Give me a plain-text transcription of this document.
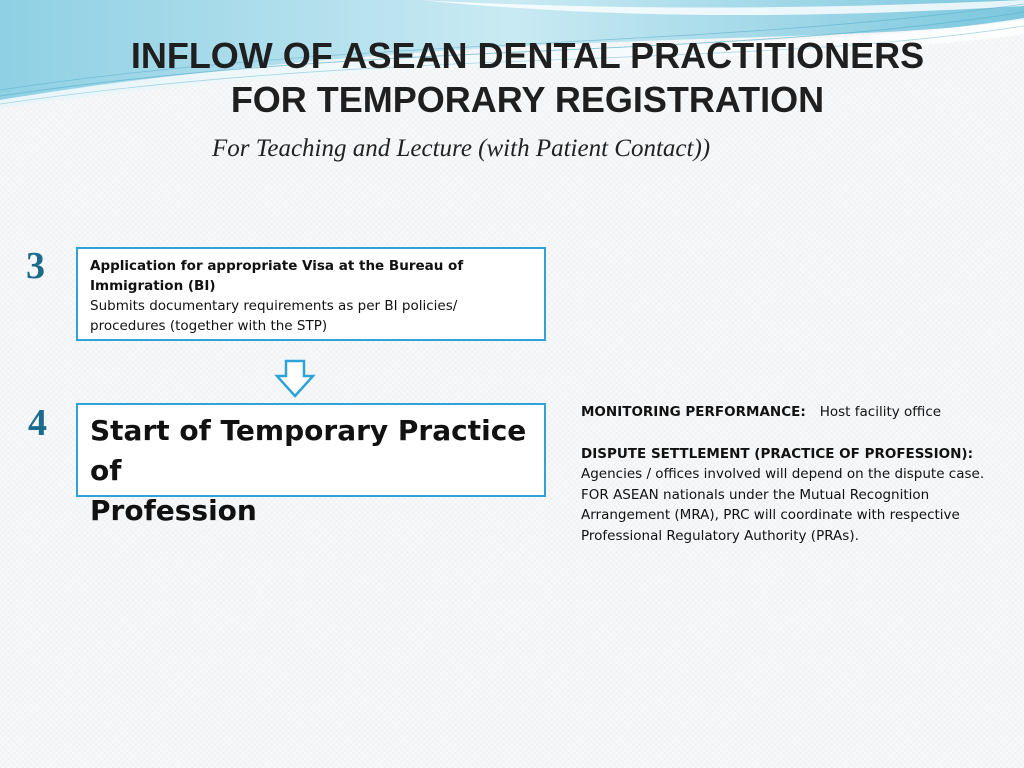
INFLOW OF ASEAN DENTAL PRACTITIONERS
FOR TEMPORARY REGISTRATION

For Teaching and Lecture (with Patient Contact))

3	Application for appropriate Visa at the Bureau of
Immigration (BI)
Submits documentary requirements as per BI policies/
procedures (together with the STP)
4 Start of Temporary Practice of
Profession
MONITORING PERFORMANCE: Host facility office
DISPUTE SETTLEMENT (PRACTICE OF PROFESSION):
Agencies / offices involved will depend on the dispute case.
FOR ASEAN nationals under the Mutual Recognition
Arrangement (MRA), PRC will coordinate with respective
Professional Regulatory Authority (PRAs).
